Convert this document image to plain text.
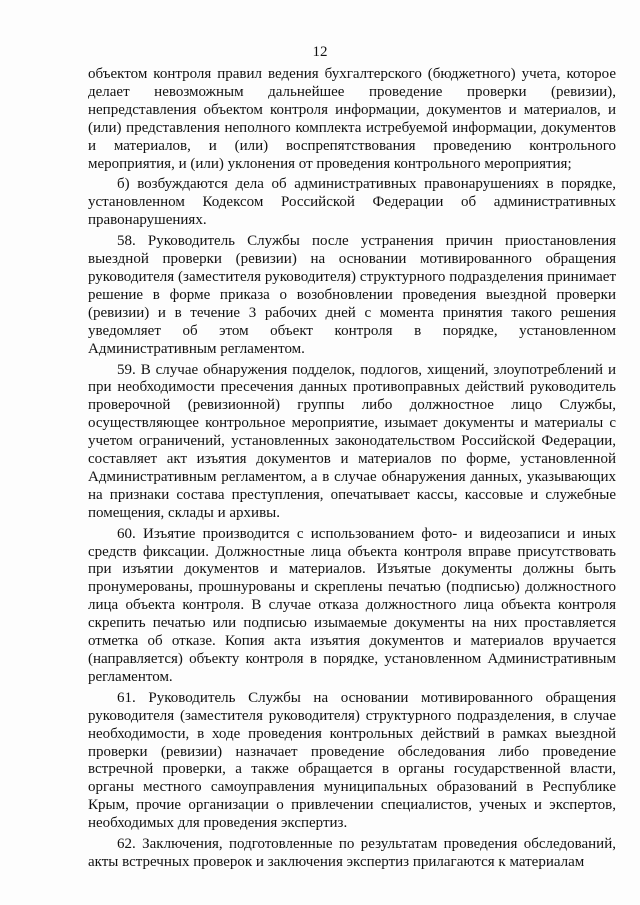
12

объектом контроля правил ведения бухгалтерского (бюджетного) учета, которое делает невозможным дальнейшее проведение проверки (ревизии), непредставления объектом контроля информации, документов и материалов, и (или) представления неполного комплекта истребуемой информации, документов и материалов, и (или) воспрепятствования проведению контрольного мероприятия, и (или) уклонения от проведения контрольного мероприятия;

б) возбуждаются дела об административных правонарушениях в порядке, установленном Кодексом Российской Федерации об административных правонарушениях.

58. Руководитель Службы после устранения причин приостановления выездной проверки (ревизии) на основании мотивированного обращения руководителя (заместителя руководителя) структурного подразделения принимает решение в форме приказа о возобновлении проведения выездной проверки (ревизии) и в течение 3 рабочих дней с момента принятия такого решения уведомляет об этом объект контроля в порядке, установленном Административным регламентом.

59. В случае обнаружения подделок, подлогов, хищений, злоупотреблений и при необходимости пресечения данных противоправных действий руководитель проверочной (ревизионной) группы либо должностное лицо Службы, осуществляющее контрольное мероприятие, изымает документы и материалы с учетом ограничений, установленных законодательством Российской Федерации, составляет акт изъятия документов и материалов по форме, установленной Административным регламентом, а в случае обнаружения данных, указывающих на признаки состава преступления, опечатывает кассы, кассовые и служебные помещения, склады и архивы.

60. Изъятие производится с использованием фото- и видеозаписи и иных средств фиксации. Должностные лица объекта контроля вправе присутствовать при изъятии документов и материалов. Изъятые документы должны быть пронумерованы, прошнурованы и скреплены печатью (подписью) должностного лица объекта контроля. В случае отказа должностного лица объекта контроля скрепить печатью или подписью изымаемые документы на них проставляется отметка об отказе. Копия акта изъятия документов и материалов вручается (направляется) объекту контроля в порядке, установленном Административным регламентом.

61. Руководитель Службы на основании мотивированного обращения руководителя (заместителя руководителя) структурного подразделения, в случае необходимости, в ходе проведения контрольных действий в рамках выездной проверки (ревизии) назначает проведение обследования либо проведение встречной проверки, а также обращается в органы государственной власти, органы местного самоуправления муниципальных образований в Республике Крым, прочие организации о привлечении специалистов, ученых и экспертов, необходимых для проведения экспертиз.

62. Заключения, подготовленные по результатам проведения обследований, акты встречных проверок и заключения экспертиз прилагаются к материалам
